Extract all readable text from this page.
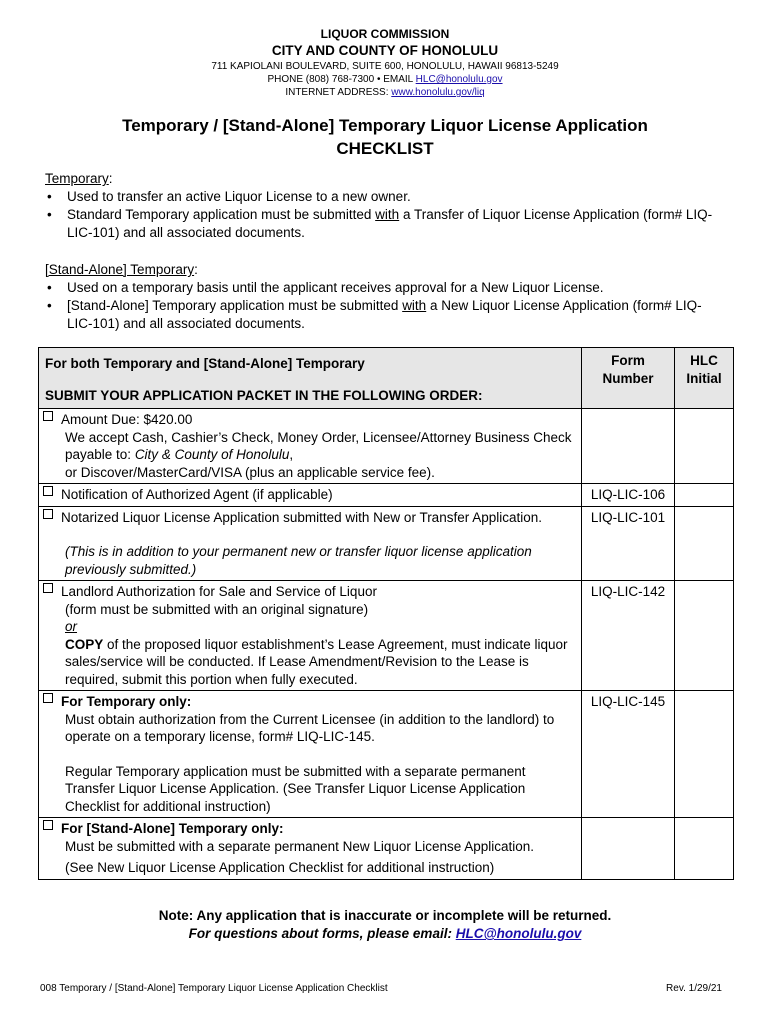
LIQUOR COMMISSION
CITY AND COUNTY OF HONOLULU
711 KAPIOLANI BOULEVARD, SUITE 600, HONOLULU, HAWAII 96813-5249
PHONE (808) 768-7300 • EMAIL HLC@honolulu.gov
INTERNET ADDRESS: www.honolulu.gov/liq
Temporary / [Stand-Alone] Temporary Liquor License Application
CHECKLIST
Temporary:
• Used to transfer an active Liquor License to a new owner.
• Standard Temporary application must be submitted with a Transfer of Liquor License Application (form# LIQ-LIC-101) and all associated documents.
[Stand-Alone] Temporary:
• Used on a temporary basis until the applicant receives approval for a New Liquor License.
• [Stand-Alone] Temporary application must be submitted with a New Liquor License Application (form# LIQ-LIC-101) and all associated documents.
For both Temporary and [Stand-Alone] Temporary
SUBMIT YOUR APPLICATION PACKET IN THE FOLLOWING ORDER:	Form Number	HLC Initial

Amount Due: $420.00
We accept Cash, Cashier’s Check, Money Order, Licensee/Attorney Business Check
payable to: City & County of Honolulu,
or Discover/MasterCard/VISA (plus an applicable service fee).		

Notification of Authorized Agent (if applicable)	LIQ-LIC-106	

Notarized Liquor License Application submitted with New or Transfer Application.
(This is in addition to your permanent new or transfer liquor license application previously submitted.)	LIQ-LIC-101	

Landlord Authorization for Sale and Service of Liquor
(form must be submitted with an original signature)
or
COPY of the proposed liquor establishment’s Lease Agreement, must indicate liquor sales/service will be conducted. If Lease Amendment/Revision to the Lease is required, submit this portion when fully executed.	LIQ-LIC-142	

For Temporary only:
Must obtain authorization from the Current Licensee (in addition to the landlord) to operate on a temporary license, form# LIQ-LIC-145.
Regular Temporary application must be submitted with a separate permanent Transfer Liquor License Application. (See Transfer Liquor License Application Checklist for additional instruction)	LIQ-LIC-145	

For [Stand-Alone] Temporary only:
Must be submitted with a separate permanent New Liquor License Application.
(See New Liquor License Application Checklist for additional instruction)		

Note: Any application that is inaccurate or incomplete will be returned.
For questions about forms, please email: HLC@honolulu.gov
008 Temporary / [Stand-Alone] Temporary Liquor License Application Checklist	Rev. 1/29/21
